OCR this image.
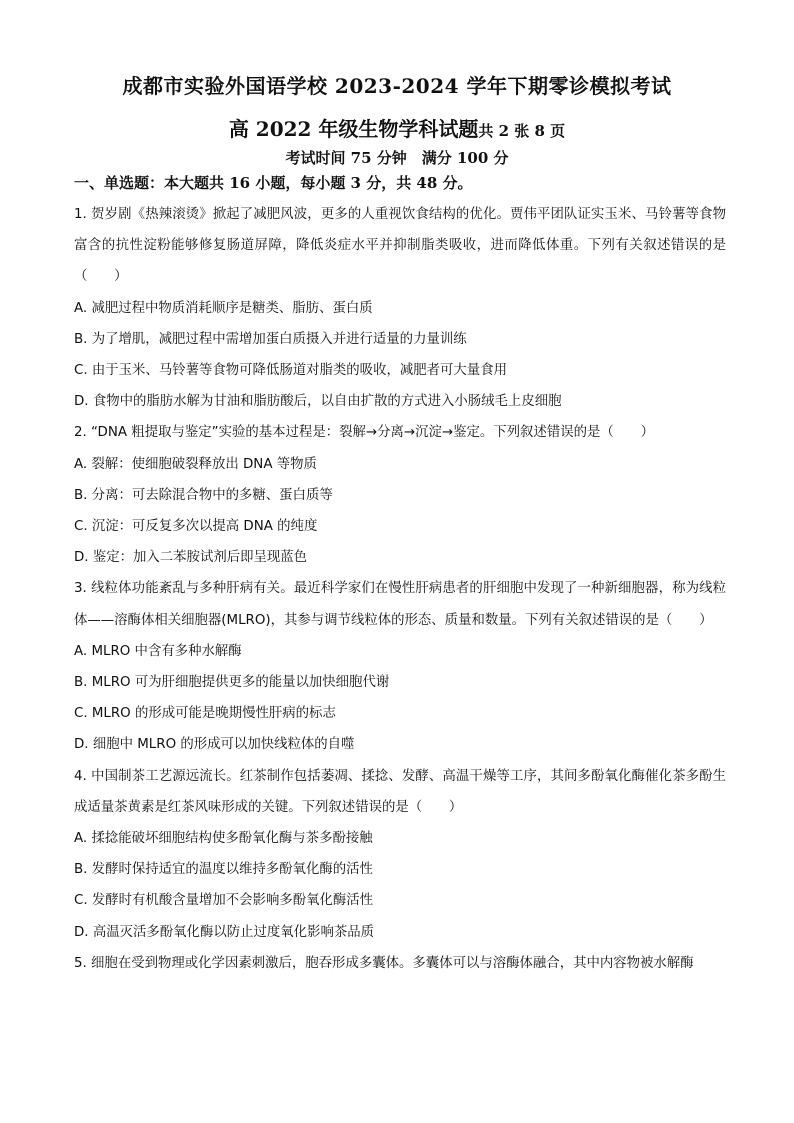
成都市实验外国语学校 2023-2024 学年下期零诊模拟考试
高 2022 年级生物学科试题共 2 张 8 页
考试时间 75 分钟　满分 100 分
一、单选题：本大题共 16 小题，每小题 3 分，共 48 分。
1. 贺岁剧《热辣滚烫》掀起了减肥风波，更多的人重视饮食结构的优化。贾伟平团队证实玉米、马铃薯等食物富含的抗性淀粉能够修复肠道屏障，降低炎症水平并抑制脂类吸收，进而降低体重。下列有关叙述错误的是（　　）
A. 减肥过程中物质消耗顺序是糖类、脂肪、蛋白质
B. 为了增肌，减肥过程中需增加蛋白质摄入并进行适量的力量训练
C. 由于玉米、马铃薯等食物可降低肠道对脂类的吸收，减肥者可大量食用
D. 食物中的脂肪水解为甘油和脂肪酸后，以自由扩散的方式进入小肠绒毛上皮细胞
2. “DNA 粗提取与鉴定”实验的基本过程是：裂解→分离→沉淀→鉴定。下列叙述错误的是（　　）
A. 裂解：使细胞破裂释放出 DNA 等物质
B. 分离：可去除混合物中的多糖、蛋白质等
C. 沉淀：可反复多次以提高 DNA 的纯度
D. 鉴定：加入二苯胺试剂后即呈现蓝色
3. 线粒体功能紊乱与多种肝病有关。最近科学家们在慢性肝病患者的肝细胞中发现了一种新细胞器，称为线粒体——溶酶体相关细胞器(MLRO)，其参与调节线粒体的形态、质量和数量。下列有关叙述错误的是（　　）
A. MLRO 中含有多种水解酶
B. MLRO 可为肝细胞提供更多的能量以加快细胞代谢
C. MLRO 的形成可能是晚期慢性肝病的标志
D. 细胞中 MLRO 的形成可以加快线粒体的自噬
4. 中国制茶工艺源远流长。红茶制作包括萎凋、揉捻、发酵、高温干燥等工序，其间多酚氧化酶催化茶多酚生成适量茶黄素是红茶风味形成的关键。下列叙述错误的是（　　）
A. 揉捻能破坏细胞结构使多酚氧化酶与茶多酚接触
B. 发酵时保持适宜的温度以维持多酚氧化酶的活性
C. 发酵时有机酸含量增加不会影响多酚氧化酶活性
D. 高温灭活多酚氧化酶以防止过度氧化影响茶品质
5. 细胞在受到物理或化学因素刺激后，胞吞形成多囊体。多囊体可以与溶酶体融合，其中内容物被水解酶
